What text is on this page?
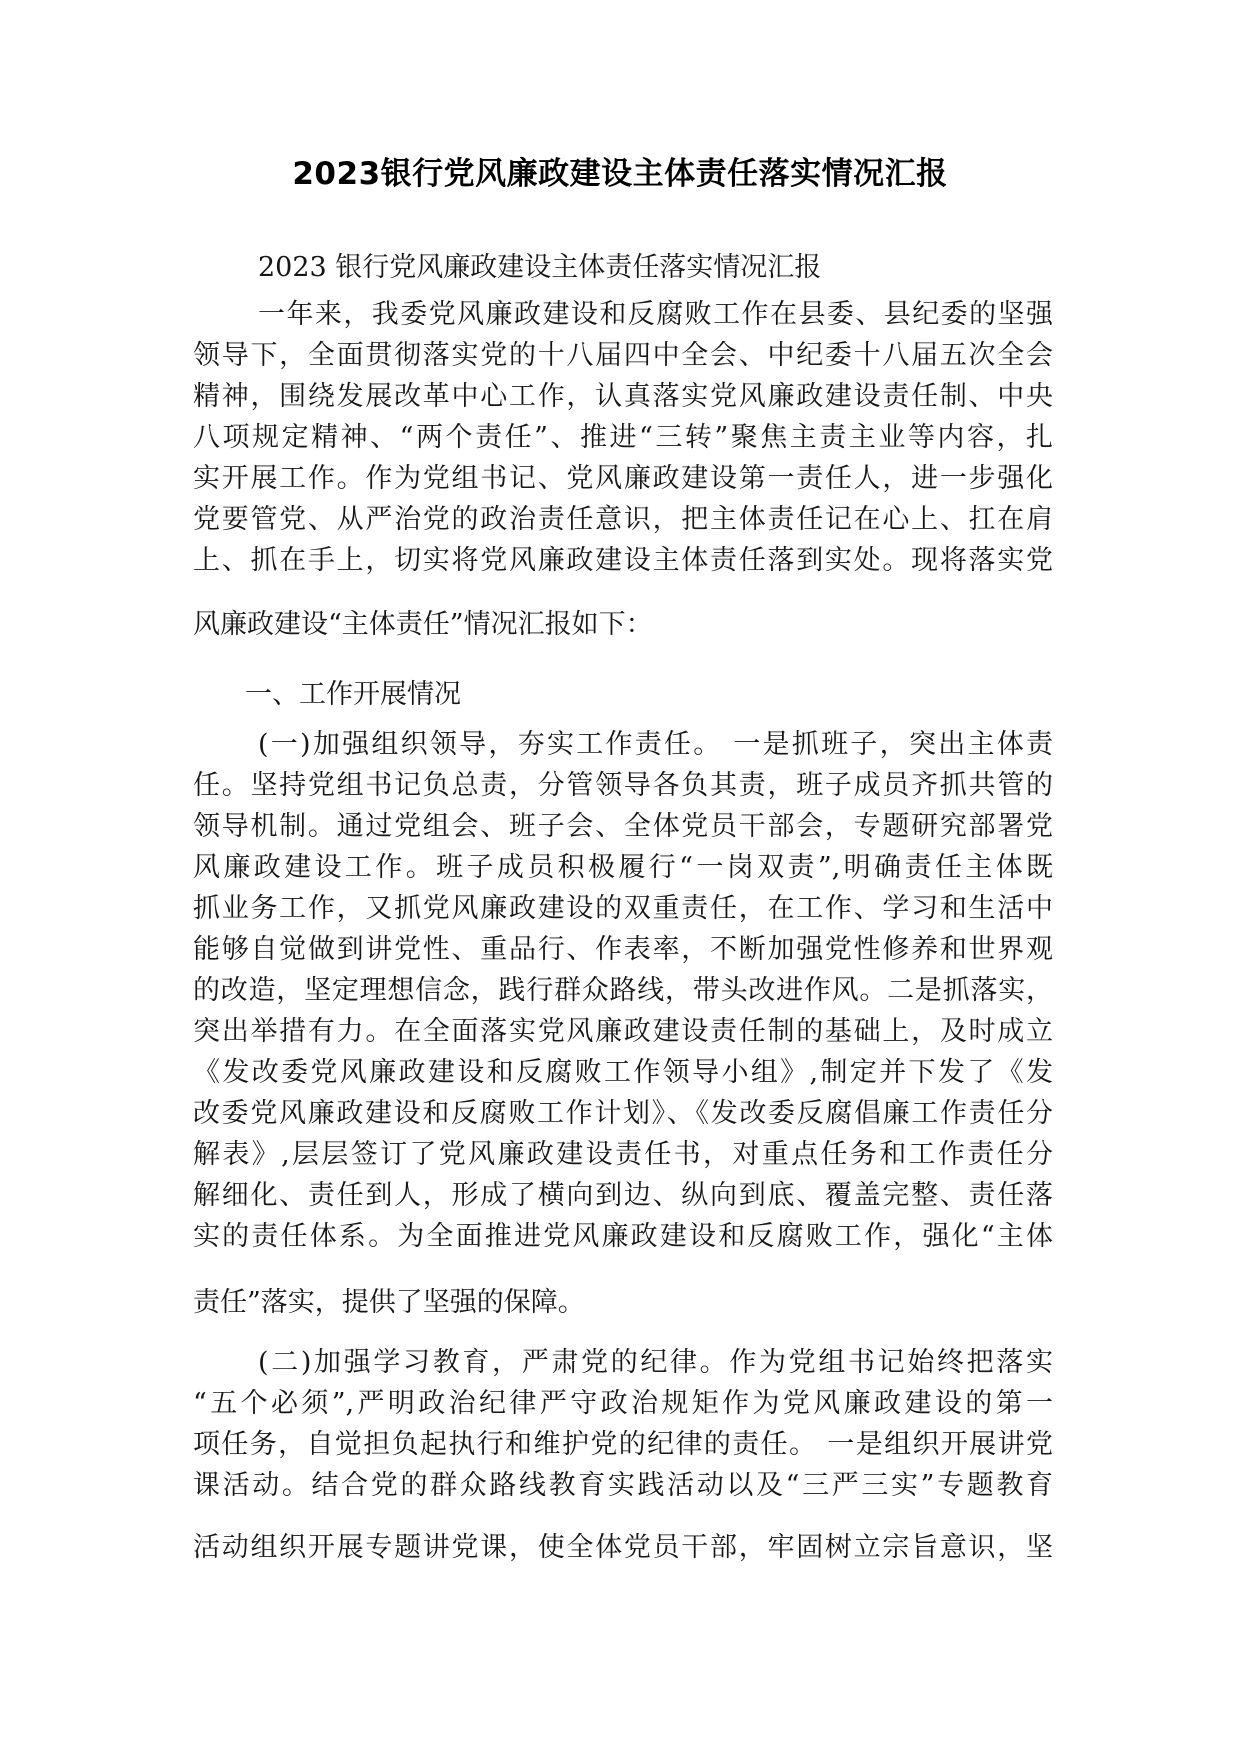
2023银行党风廉政建设主体责任落实情况汇报

2023 银行党风廉政建设主体责任落实情况汇报

一年来，我委党风廉政建设和反腐败工作在县委、县纪委的坚强

领导下，全面贯彻落实党的十八届四中全会、中纪委十八届五次全会

精神，围绕发展改革中心工作，认真落实党风廉政建设责任制、中央

八项规定精神、“两个责任”、推进“三转”聚焦主责主业等内容，扎

实开展工作。作为党组书记、党风廉政建设第一责任人，进一步强化

党要管党、从严治党的政治责任意识，把主体责任记在心上、扛在肩

上、抓在手上，切实将党风廉政建设主体责任落到实处。现将落实党

风廉政建设“主体责任”情况汇报如下：

一、工作开展情况

(一)加强组织领导，夯实工作责任。 一是抓班子，突出主体责

任。坚持党组书记负总责，分管领导各负其责，班子成员齐抓共管的

领导机制。通过党组会、班子会、全体党员干部会，专题研究部署党

风廉政建设工作。班子成员积极履行“一岗双责”,明确责任主体既

抓业务工作，又抓党风廉政建设的双重责任，在工作、学习和生活中

能够自觉做到讲党性、重品行、作表率，不断加强党性修养和世界观

的改造，坚定理想信念，践行群众路线，带头改进作风。二是抓落实，

突出举措有力。在全面落实党风廉政建设责任制的基础上，及时成立

《发改委党风廉政建设和反腐败工作领导小组》,制定并下发了《发

改委党风廉政建设和反腐败工作计划》、《发改委反腐倡廉工作责任分

解表》,层层签订了党风廉政建设责任书，对重点任务和工作责任分

解细化、责任到人，形成了横向到边、纵向到底、覆盖完整、责任落

实的责任体系。为全面推进党风廉政建设和反腐败工作，强化“主体

责任”落实，提供了坚强的保障。

(二)加强学习教育，严肃党的纪律。作为党组书记始终把落实

“五个必须”,严明政治纪律严守政治规矩作为党风廉政建设的第一

项任务，自觉担负起执行和维护党的纪律的责任。 一是组织开展讲党

课活动。结合党的群众路线教育实践活动以及“三严三实”专题教育

活动组织开展专题讲党课，使全体党员干部，牢固树立宗旨意识，坚
